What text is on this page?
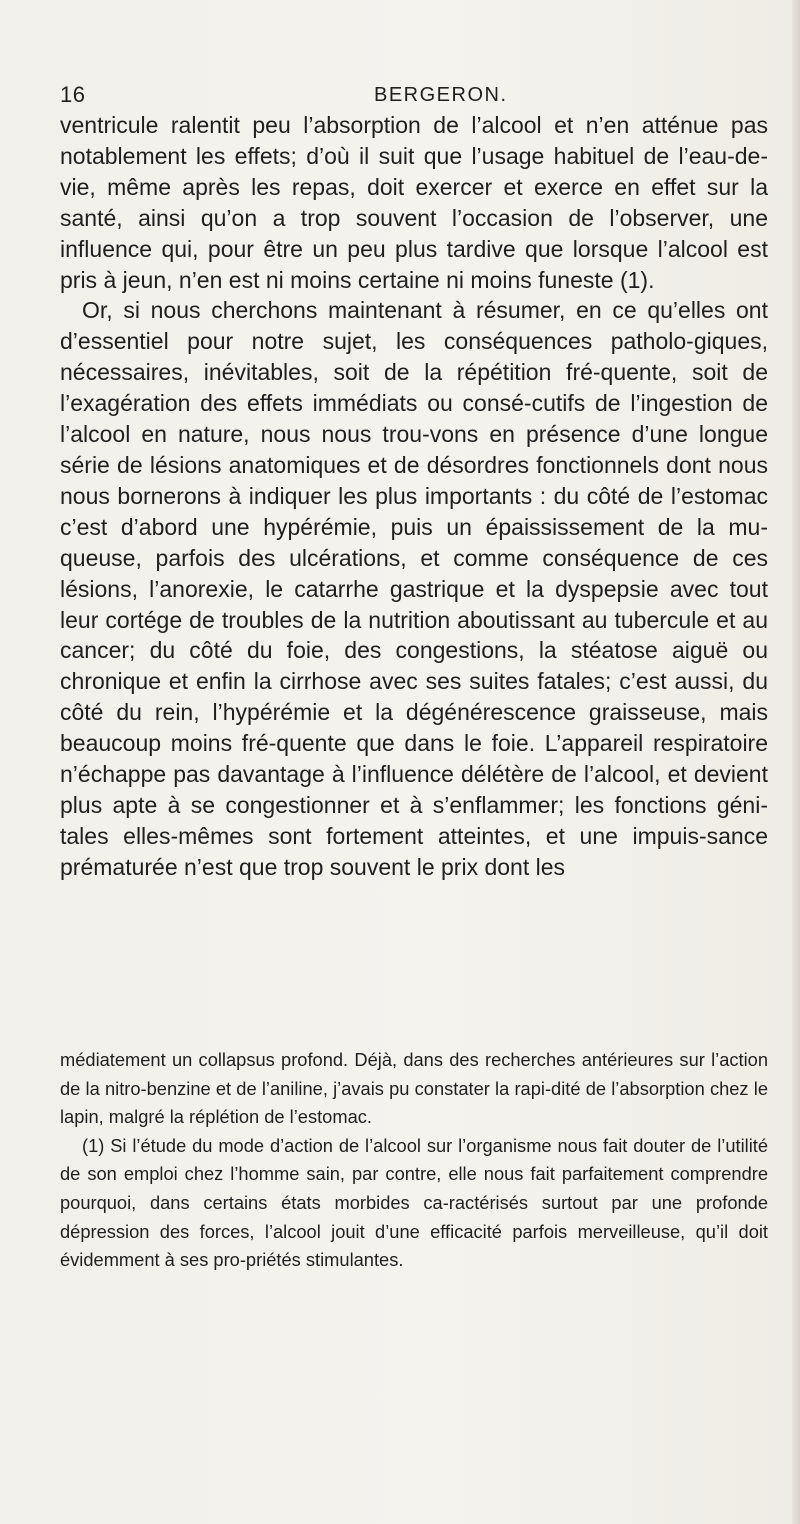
16	BERGERON.

ventricule ralentit peu l’absorption de l’alcool et n’en atténue pas notablement les effets; d’où il suit que l’usage habituel de l’eau-de-vie, même après les repas, doit exercer et exerce en effet sur la santé, ainsi qu’on a trop souvent l’occasion de l’observer, une influence qui, pour être un peu plus tardive que lorsque l’alcool est pris à jeun, n’en est ni moins certaine ni moins funeste (1).

Or, si nous cherchons maintenant à résumer, en ce qu’elles ont d’essentiel pour notre sujet, les conséquences patholo-giques, nécessaires, inévitables, soit de la répétition fré-quente, soit de l’exagération des effets immédiats ou consé-cutifs de l’ingestion de l’alcool en nature, nous nous trou-vons en présence d’une longue série de lésions anatomiques et de désordres fonctionnels dont nous nous bornerons à indiquer les plus importants : du côté de l’estomac c’est d’abord une hypérémie, puis un épaississement de la mu-queuse, parfois des ulcérations, et comme conséquence de ces lésions, l’anorexie, le catarrhe gastrique et la dyspepsie avec tout leur cortége de troubles de la nutrition aboutissant au tubercule et au cancer; du côté du foie, des congestions, la stéatose aiguë ou chronique et enfin la cirrhose avec ses suites fatales; c’est aussi, du côté du rein, l’hypérémie et la dégénérescence graisseuse, mais beaucoup moins fré-quente que dans le foie. L’appareil respiratoire n’échappe pas davantage à l’influence délétère de l’alcool, et devient plus apte à se congestionner et à s’enflammer; les fonctions géni-tales elles-mêmes sont fortement atteintes, et une impuis-sance prématurée n’est que trop souvent le prix dont les

médiatement un collapsus profond. Déjà, dans des recherches antérieures sur l’action de la nitro-benzine et de l’aniline, j’avais pu constater la rapi-dité de l’absorption chez le lapin, malgré la réplétion de l’estomac.

(1) Si l’étude du mode d’action de l’alcool sur l’organisme nous fait douter de l’utilité de son emploi chez l’homme sain, par contre, elle nous fait parfaitement comprendre pourquoi, dans certains états morbides ca-ractérisés surtout par une profonde dépression des forces, l’alcool jouit d’une efficacité parfois merveilleuse, qu’il doit évidemment à ses pro-priétés stimulantes.
